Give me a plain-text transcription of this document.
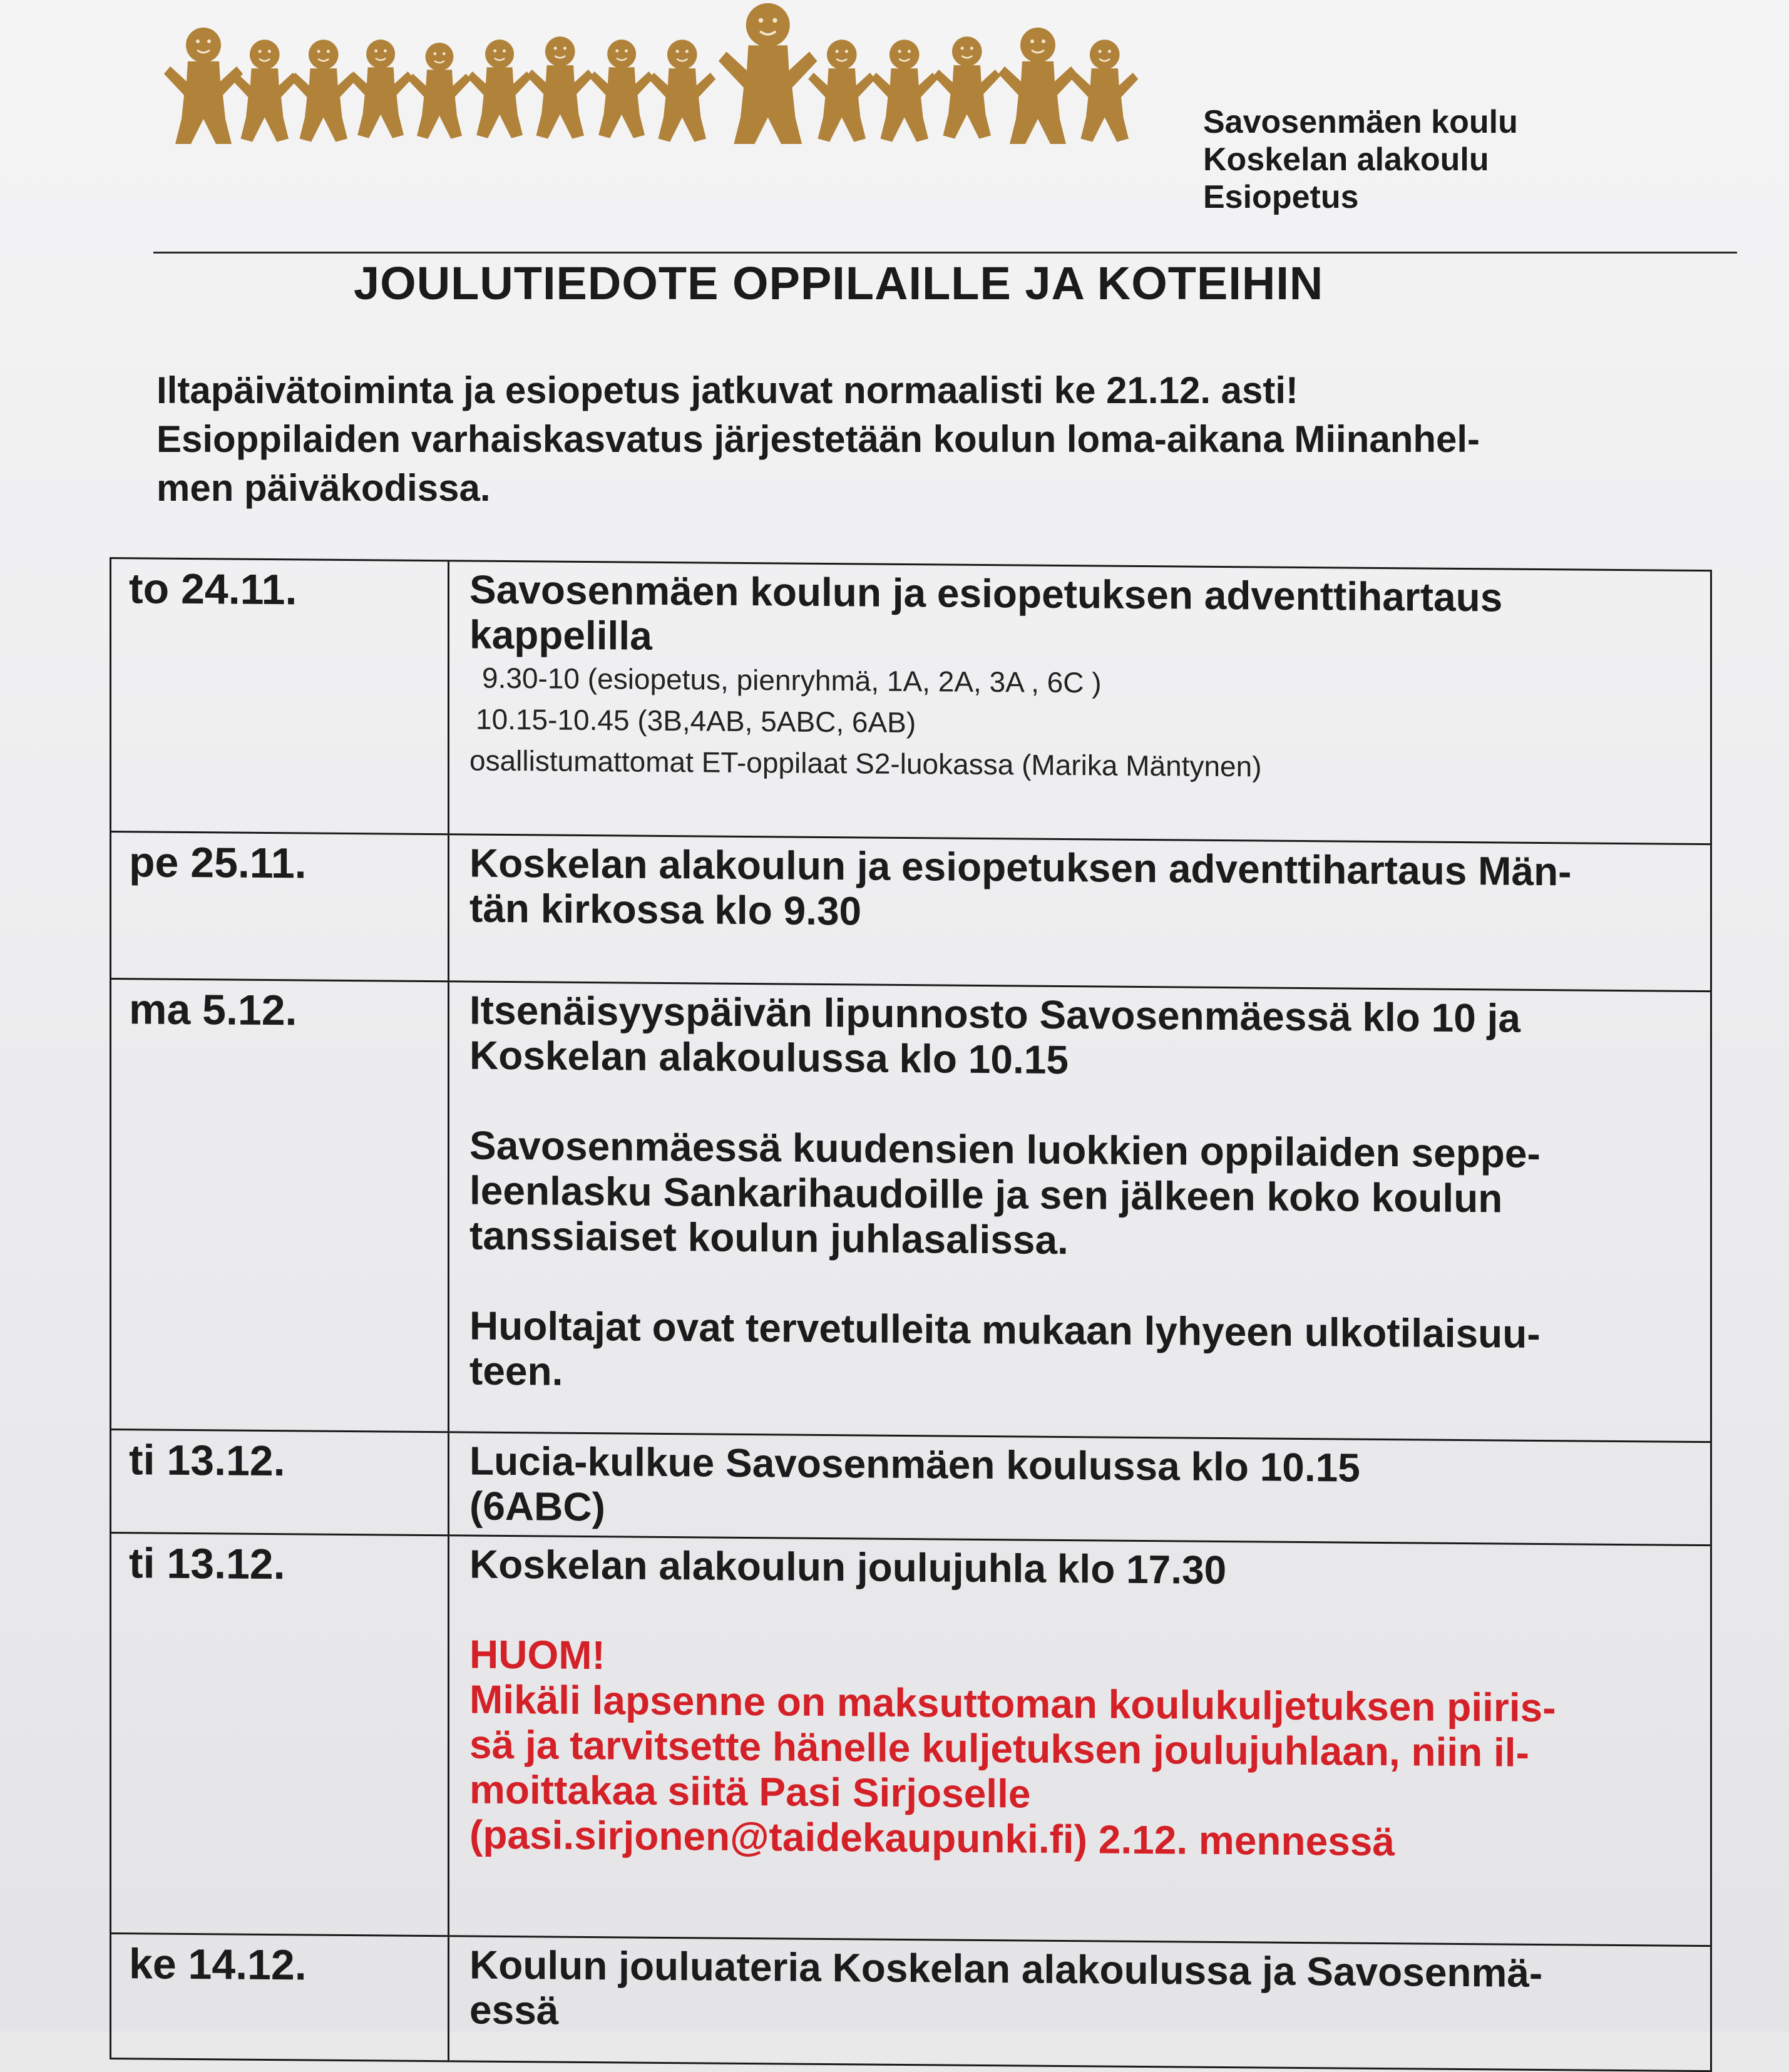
Savosenmäen koulu
Koskelan alakoulu
Esiopetus
JOULUTIEDOTE OPPILAILLE JA KOTEIHIN
Iltapäivätoiminta ja esiopetus jatkuvat normaalisti ke 21.12. asti!
Esioppilaiden varhaiskasvatus järjestetään koulun loma-aikana Miinanhel-
men päiväkodissa.
to 24.11.	Savosenmäen koulun ja esiopetuksen adventtihartaus
kappelilla
9.30-10 (esiopetus, pienryhmä, 1A, 2A, 3A , 6C )
10.15-10.45 (3B,4AB, 5ABC, 6AB)
osallistumattomat ET-oppilaat S2-luokassa (Marika Mäntynen)
pe 25.11.	Koskelan alakoulun ja esiopetuksen adventtihartaus Män-
tän kirkossa klo 9.30
ma 5.12.	Itsenäisyyspäivän lipunnosto Savosenmäessä klo 10 ja
Koskelan alakoulussa klo 10.15
Savosenmäessä kuudensien luokkien oppilaiden seppe-
leenlasku Sankarihaudoille ja sen jälkeen koko koulun
tanssiaiset koulun juhlasalissa.
Huoltajat ovat tervetulleita mukaan lyhyeen ulkotilaisuu-
teen.
ti 13.12.	Lucia-kulkue Savosenmäen koulussa klo 10.15
(6ABC)
ti 13.12.	Koskelan alakoulun joulujuhla klo 17.30
HUOM!
Mikäli lapsenne on maksuttoman koulukuljetuksen piiris-
sä ja tarvitsette hänelle kuljetuksen joulujuhlaan, niin il-
moittakaa siitä Pasi Sirjoselle
(pasi.sirjonen@taidekaupunki.fi) 2.12. mennessä
ke 14.12.	Koulun jouluateria Koskelan alakoulussa ja Savosenmä-
essä
